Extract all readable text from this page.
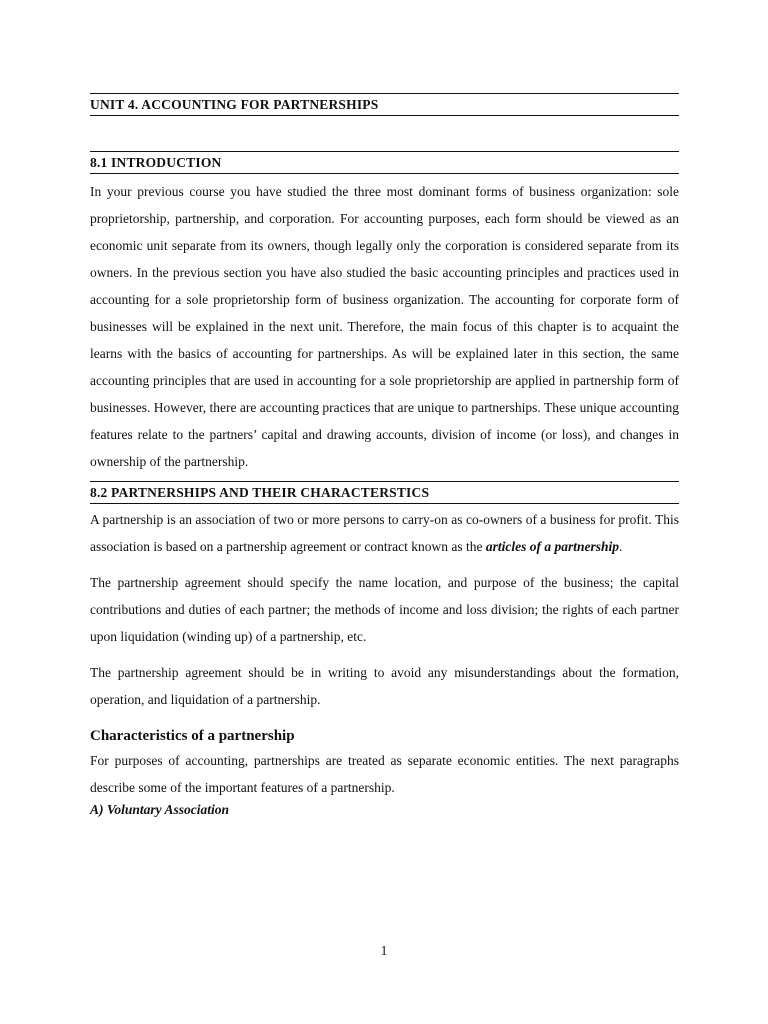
UNIT 4. ACCOUNTING FOR PARTNERSHIPS
8.1 INTRODUCTION

In your previous course you have studied the three most dominant forms of business organization: sole proprietorship, partnership, and corporation. For accounting purposes, each form should be viewed as an economic unit separate from its owners, though legally only the corporation is considered separate from its owners. In the previous section you have also studied the basic accounting principles and practices used in accounting for a sole proprietorship form of business organization. The accounting for corporate form of businesses will be explained in the next unit. Therefore, the main focus of this chapter is to acquaint the learns with the basics of accounting for partnerships. As will be explained later in this section, the same accounting principles that are used in accounting for a sole proprietorship are applied in partnership form of businesses. However, there are accounting practices that are unique to partnerships. These unique accounting features relate to the partners’ capital and drawing accounts, division of income (or loss), and changes in ownership of the partnership.

8.2 PARTNERSHIPS AND THEIR CHARACTERSTICS

A partnership is an association of two or more persons to carry-on as co-owners of a business for profit. This association is based on a partnership agreement or contract known as the articles of a partnership.

The partnership agreement should specify the name location, and purpose of the business; the capital contributions and duties of each partner; the methods of income and loss division; the rights of each partner upon liquidation (winding up) of a partnership, etc.

The partnership agreement should be in writing to avoid any misunderstandings about the formation, operation, and liquidation of a partnership.

Characteristics of a partnership

For purposes of accounting, partnerships are treated as separate economic entities. The next paragraphs describe some of the important features of a partnership.

A) Voluntary Association
1
